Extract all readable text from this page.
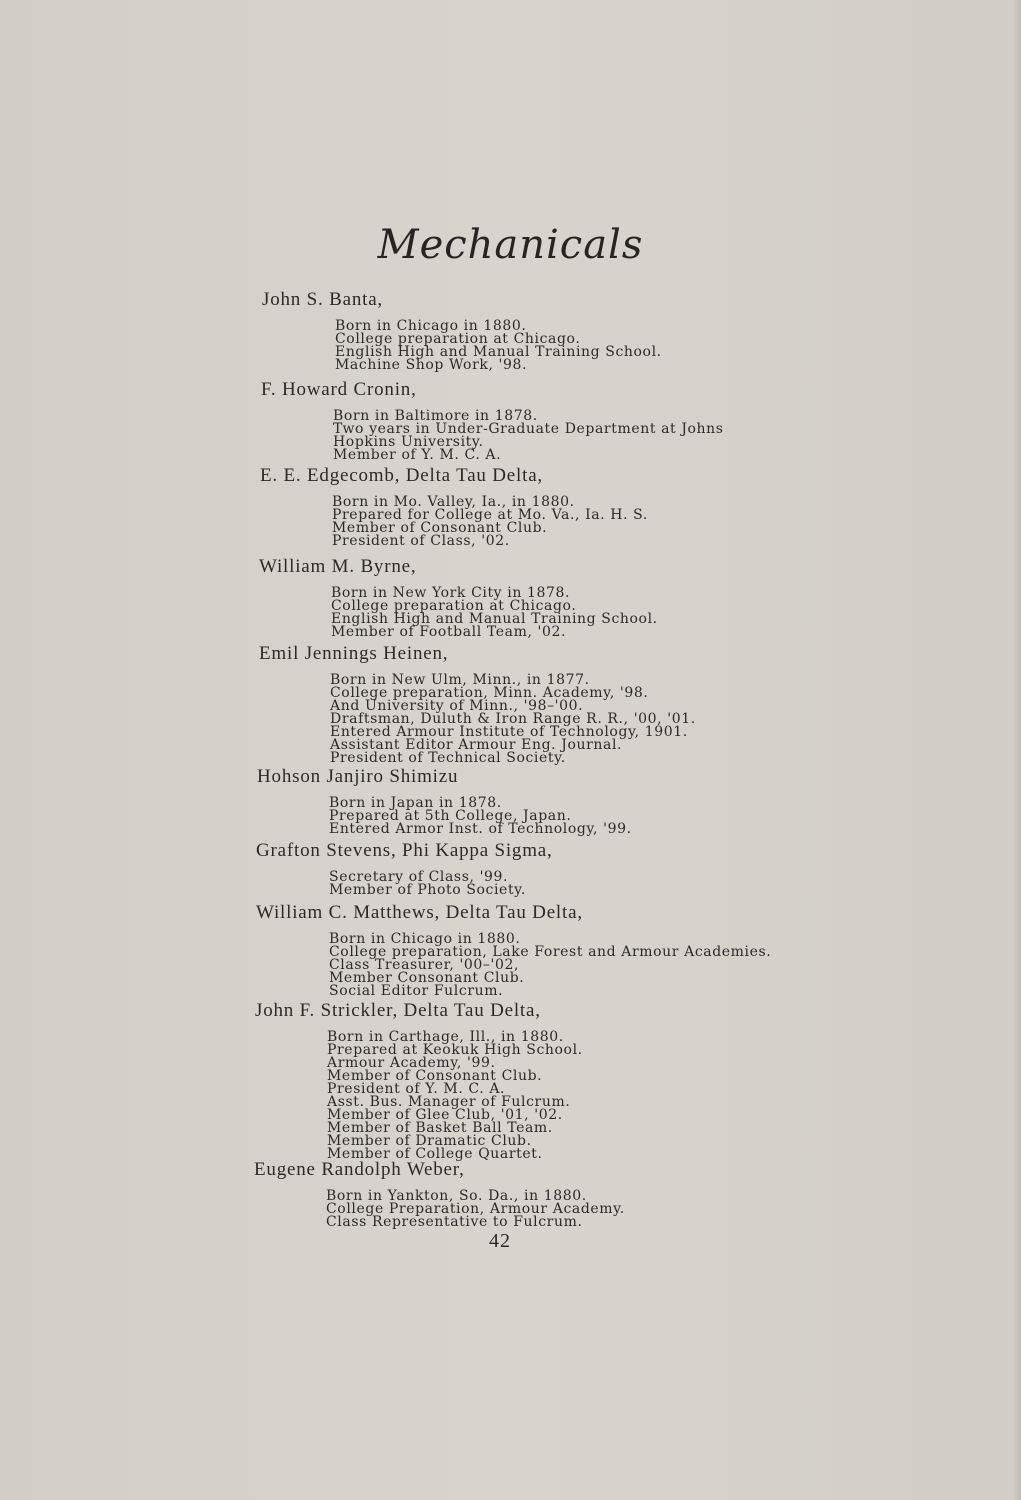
Mechanicals
John S. Banta,
Born in Chicago in 1880.
College preparation at Chicago.
English High and Manual Training School.
Machine Shop Work, '98.
F. Howard Cronin,
Born in Baltimore in 1878.
Two years in Under-Graduate Department at Johns
Hopkins University.
Member of Y. M. C. A.
E. E. Edgecomb, Delta Tau Delta,
Born in Mo. Valley, Ia., in 1880.
Prepared for College at Mo. Va., Ia. H. S.
Member of Consonant Club.
President of Class, '02.
William M. Byrne,
Born in New York City in 1878.
College preparation at Chicago.
English High and Manual Training School.
Member of Football Team, '02.
Emil Jennings Heinen,
Born in New Ulm, Minn., in 1877.
College preparation, Minn. Academy, '98.
And University of Minn., '98–'00.
Draftsman, Duluth & Iron Range R. R., '00, '01.
Entered Armour Institute of Technology, 1901.
Assistant Editor Armour Eng. Journal.
President of Technical Society.
Hohson Janjiro Shimizu
Born in Japan in 1878.
Prepared at 5th College, Japan.
Entered Armor Inst. of Technology, '99.
Grafton Stevens, Phi Kappa Sigma,
Secretary of Class, '99.
Member of Photo Society.
William C. Matthews, Delta Tau Delta,
Born in Chicago in 1880.
College preparation, Lake Forest and Armour Academies.
Class Treasurer, '00–'02,
Member Consonant Club.
Social Editor Fulcrum.
John F. Strickler, Delta Tau Delta,
Born in Carthage, Ill., in 1880.
Prepared at Keokuk High School.
Armour Academy, '99.
Member of Consonant Club.
President of Y. M. C. A.
Asst. Bus. Manager of Fulcrum.
Member of Glee Club, '01, '02.
Member of Basket Ball Team.
Member of Dramatic Club.
Member of College Quartet.
Eugene Randolph Weber,
Born in Yankton, So. Da., in 1880.
College Preparation, Armour Academy.
Class Representative to Fulcrum.
42
